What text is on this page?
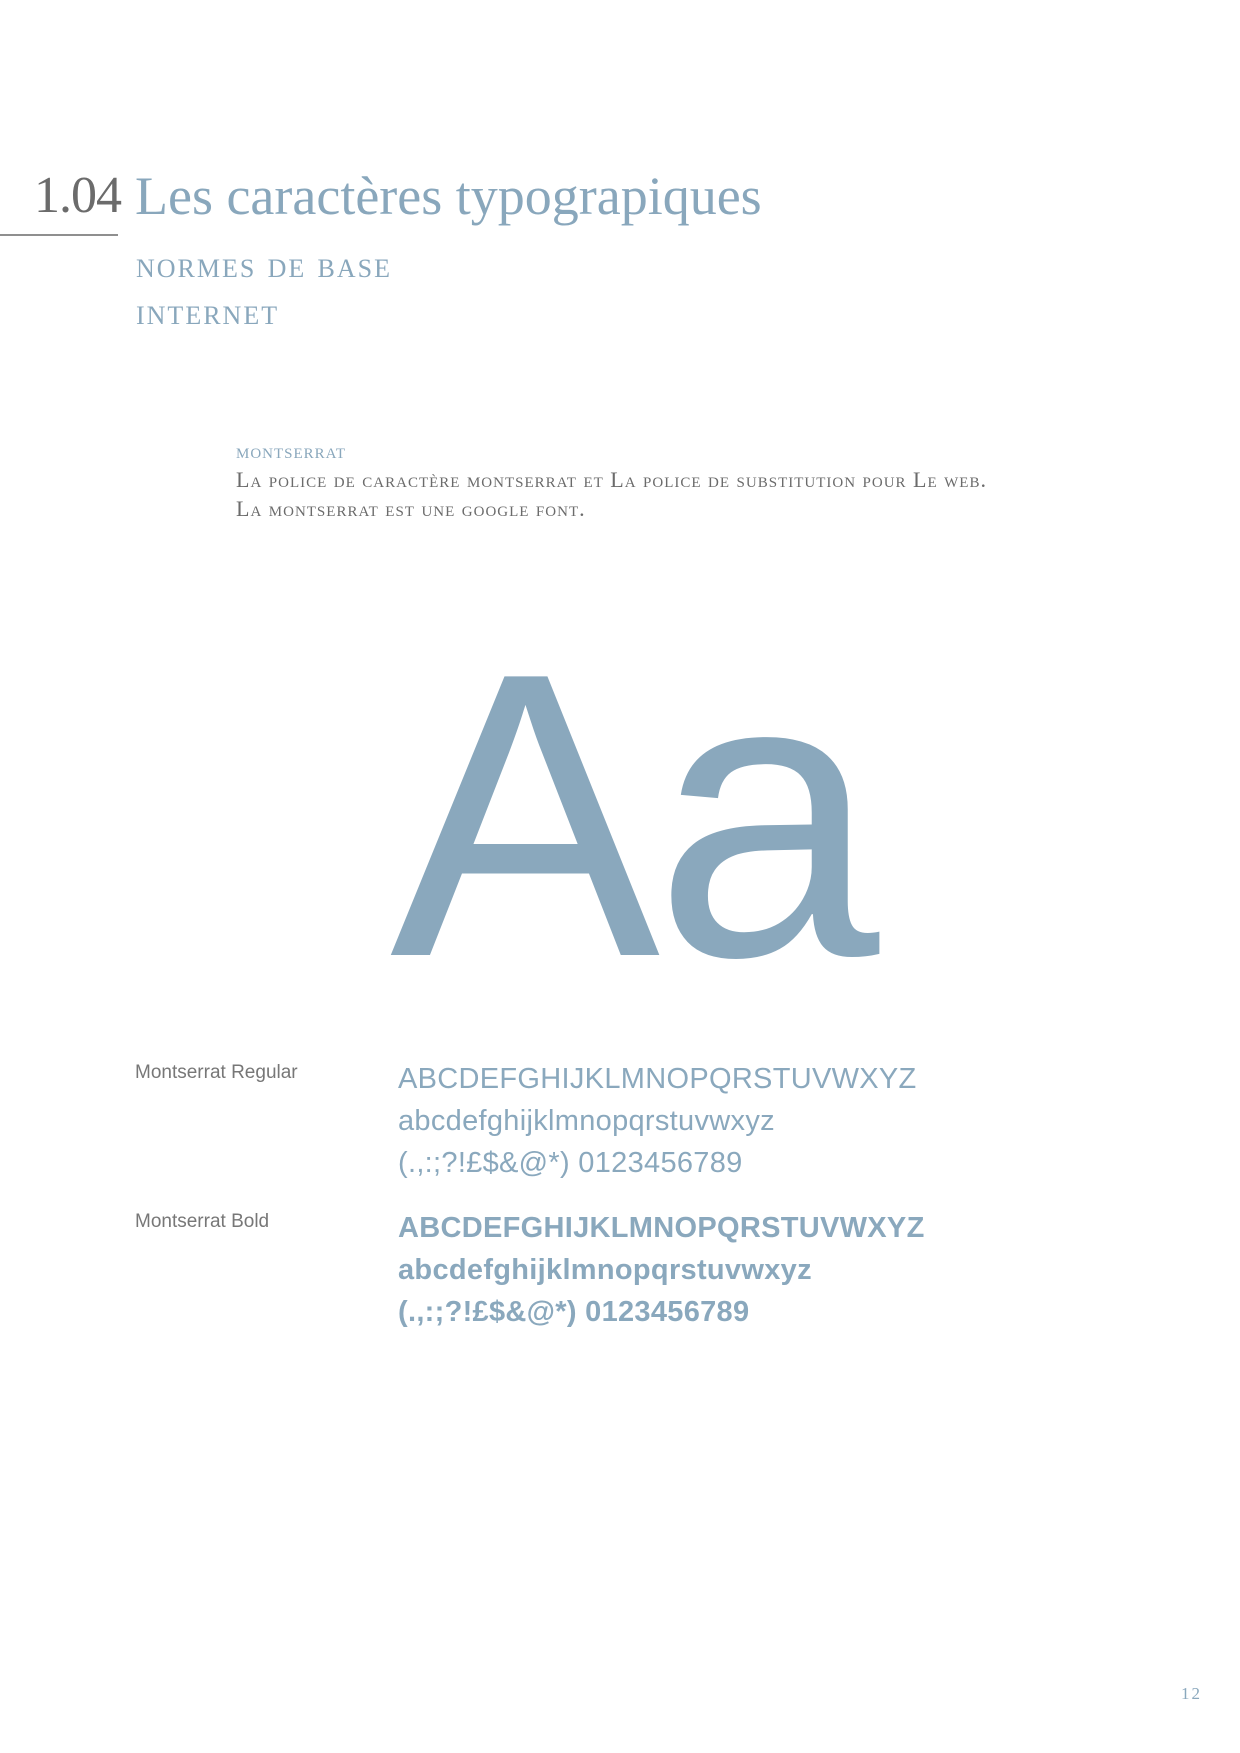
1.04 Les caractères typograpiques
normes de base
internet
montserrat
La police de caractère montserrat et La police de substitution pour Le web. La montserrat est une google font.
Aa
Montserrat Regular	ABCDEFGHIJKLMNOPQRSTUVWXYZ
abcdefghijklmnopqrstuvwxyz
(.,:;?!£$&@*) 0123456789
Montserrat Bold	ABCDEFGHIJKLMNOPQRSTUVWXYZ
abcdefghijklmnopqrstuvwxyz
(.,:;?!£$&@*) 0123456789
12
